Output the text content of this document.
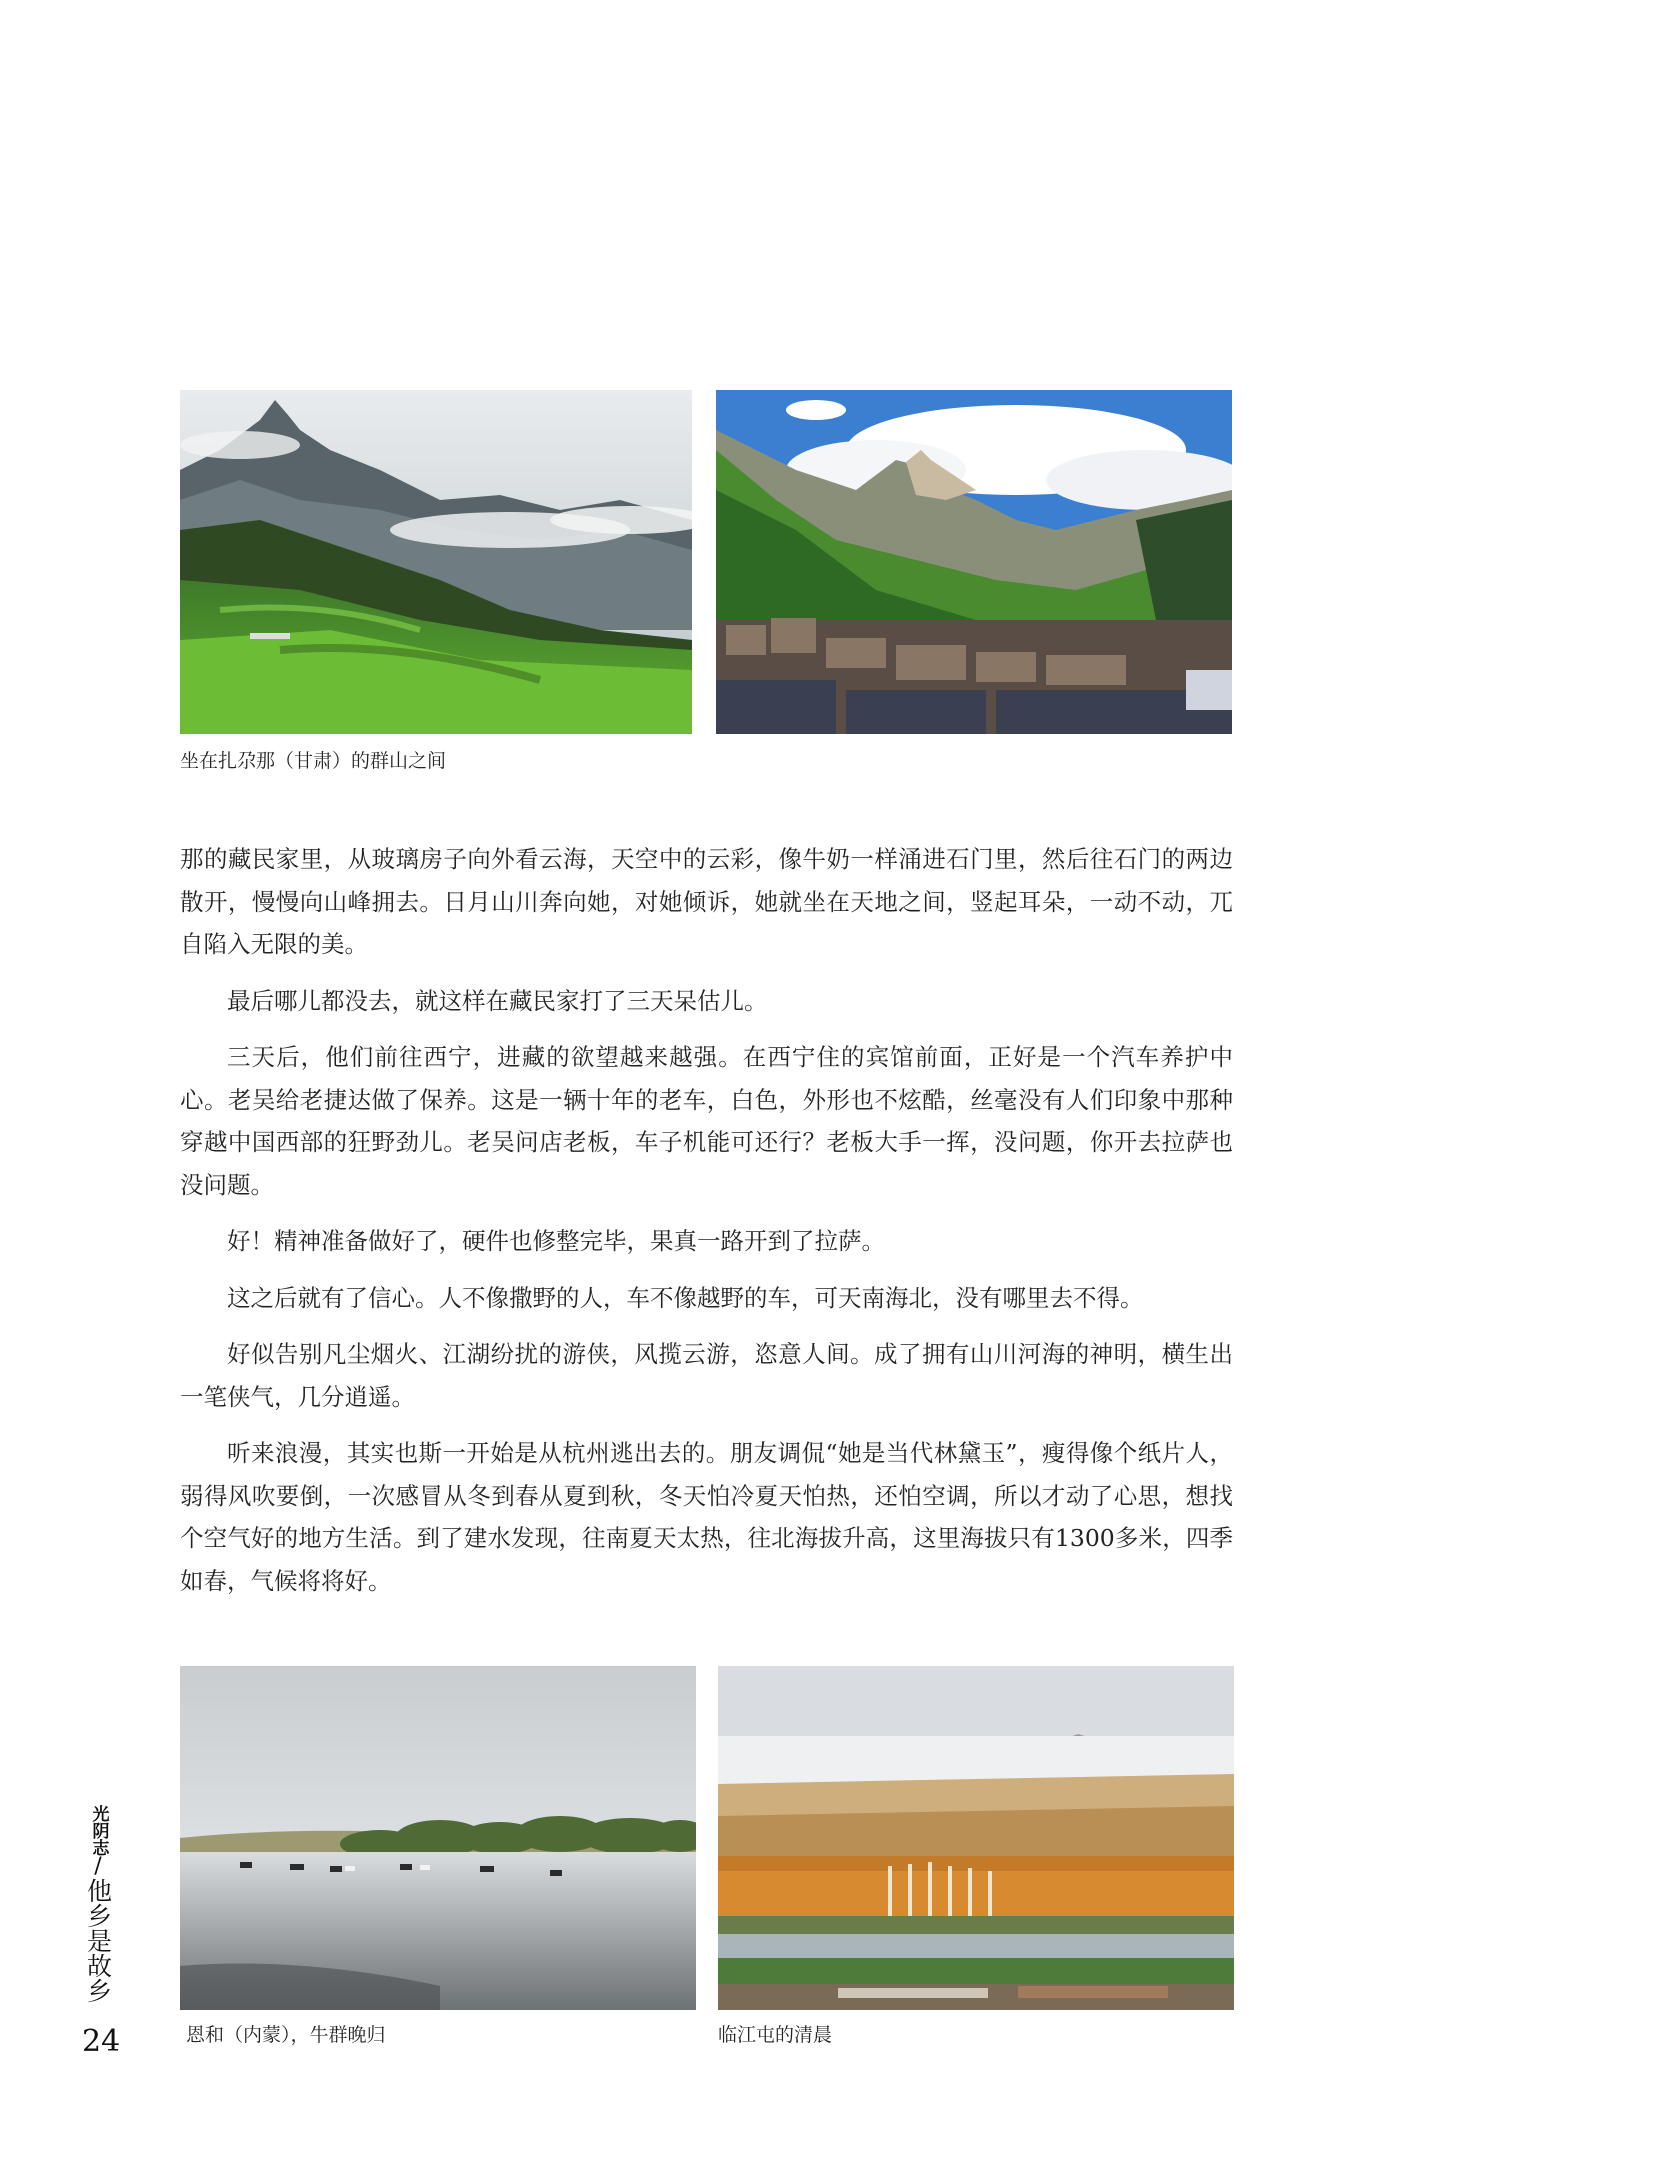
坐在扎尕那（甘肃）的群山之间

那的藏民家里，从玻璃房子向外看云海，天空中的云彩，像牛奶一样涌进石门里，然后往石门的两边散开，慢慢向山峰拥去。日月山川奔向她，对她倾诉，她就坐在天地之间，竖起耳朵，一动不动，兀自陷入无限的美。

最后哪儿都没去，就这样在藏民家打了三天呆估儿。

三天后，他们前往西宁，进藏的欲望越来越强。在西宁住的宾馆前面，正好是一个汽车养护中心。老吴给老捷达做了保养。这是一辆十年的老车，白色，外形也不炫酷，丝毫没有人们印象中那种穿越中国西部的狂野劲儿。老吴问店老板，车子机能可还行？老板大手一挥，没问题，你开去拉萨也没问题。

好！精神准备做好了，硬件也修整完毕，果真一路开到了拉萨。

这之后就有了信心。人不像撒野的人，车不像越野的车，可天南海北，没有哪里去不得。

好似告别凡尘烟火、江湖纷扰的游侠，风揽云游，恣意人间。成了拥有山川河海的神明，横生出一笔侠气，几分逍遥。

听来浪漫，其实也斯一开始是从杭州逃出去的。朋友调侃“她是当代林黛玉”，瘦得像个纸片人，弱得风吹要倒，一次感冒从冬到春从夏到秋，冬天怕冷夏天怕热，还怕空调，所以才动了心思，想找个空气好的地方生活。到了建水发现，往南夏天太热，往北海拔升高，这里海拔只有1300多米，四季如春，气候将将好。

恩和（内蒙），牛群晚归	临江屯的清晨
光阴志
/
他乡是故乡
24
